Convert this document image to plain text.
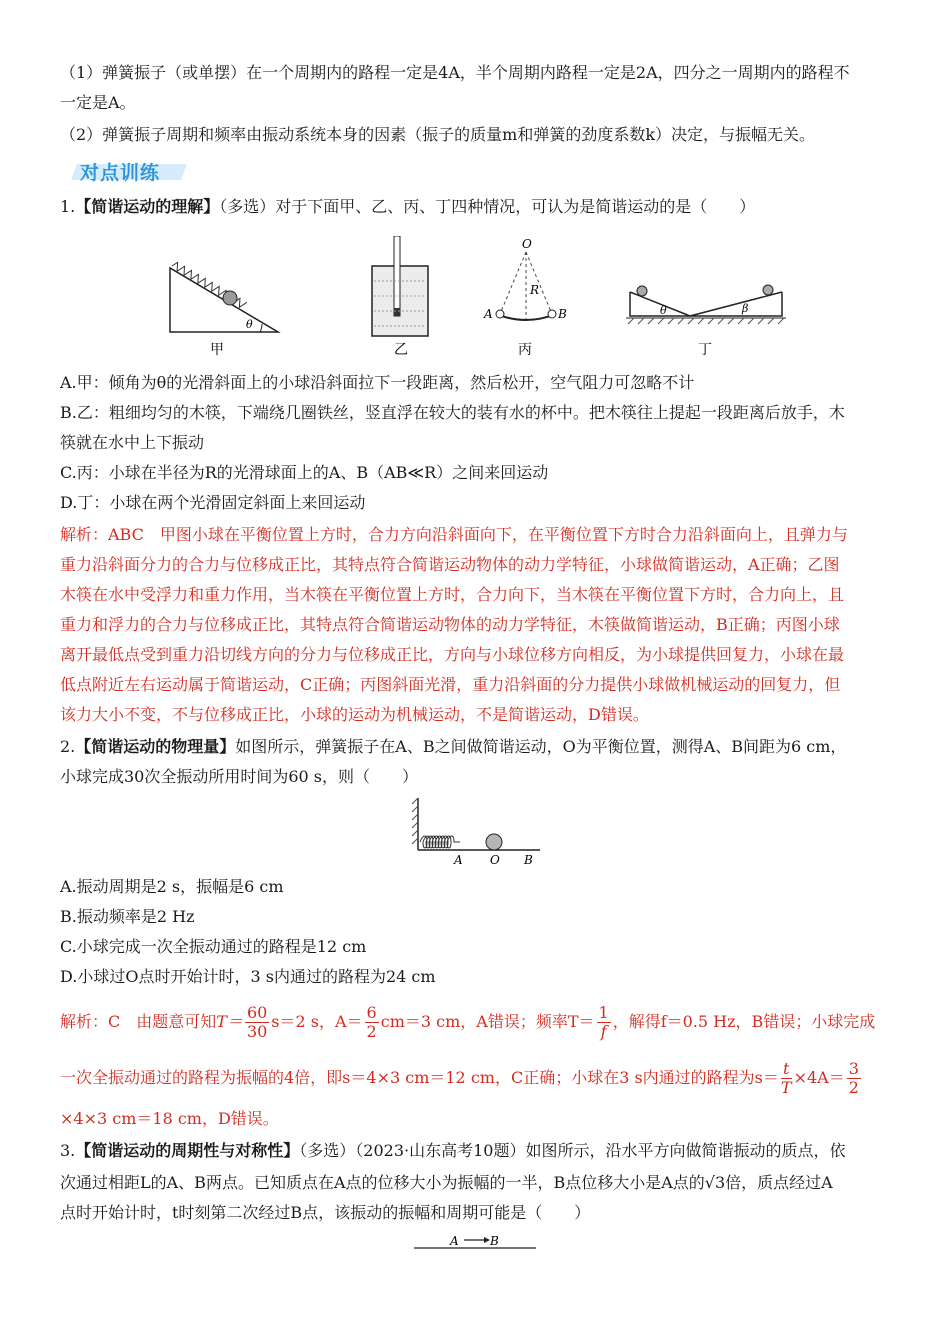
（1）弹簧振子（或单摆）在一个周期内的路程一定是4A，半个周期内路程一定是2A，四分之一周期内的路程不
一定是A。
（2）弹簧振子周期和频率由振动系统本身的因素（振子的质量m和弹簧的劲度系数k）决定，与振幅无关。
对点训练
1.【简谐运动的理解】（多选）对于下面甲、乙、丙、丁四种情况，可认为是简谐运动的是（　　）
θ
甲	乙
O
R
A	B
丙
θ	β
丁
A.甲：倾角为θ的光滑斜面上的小球沿斜面拉下一段距离，然后松开，空气阻力可忽略不计
B.乙：粗细均匀的木筷，下端绕几圈铁丝，竖直浮在较大的装有水的杯中。把木筷往上提起一段距离后放手，木
筷就在水中上下振动
C.丙：小球在半径为R的光滑球面上的A、B（AB≪R）之间来回运动
D.丁：小球在两个光滑固定斜面上来回运动
解析：ABC　甲图小球在平衡位置上方时，合力方向沿斜面向下，在平衡位置下方时合力沿斜面向上，且弹力与
重力沿斜面分力的合力与位移成正比，其特点符合简谐运动物体的动力学特征，小球做简谐运动，A正确；乙图
木筷在水中受浮力和重力作用，当木筷在平衡位置上方时，合力向下，当木筷在平衡位置下方时，合力向上，且
重力和浮力的合力与位移成正比，其特点符合简谐运动物体的动力学特征，木筷做简谐运动，B正确；丙图小球
离开最低点受到重力沿切线方向的分力与位移成正比，方向与小球位移方向相反，为小球提供回复力，小球在最
低点附近左右运动属于简谐运动，C正确；丙图斜面光滑，重力沿斜面的分力提供小球做机械运动的回复力，但
该力大小不变，不与位移成正比，小球的运动为机械运动，不是简谐运动，D错误。
2.【简谐运动的物理量】如图所示，弹簧振子在A、B之间做简谐运动，O为平衡位置，测得A、B间距为6 cm，
小球完成30次全振动所用时间为60 s，则（　　）
A O B
A.振动周期是2 s，振幅是6 cm
B.振动频率是2 Hz
C.小球完成一次全振动通过的路程是12 cm
D.小球过O点时开始计时，3 s内通过的路程为24 cm
解析：C　由题意可知$T= \frac{60}{30} s=2$ s，$A= \frac{6}{2} cm=3$ cm，A错误；频率$T= \frac{1}{f}$ ，解得f＝0.5 Hz，B错误；小球完成
一次全振动通过的路程为振幅的4倍，即s＝4×3 cm＝12 cm，C正确；小球在3 s内通过的路程为$s= \frac{t}{T} \times 4A= \frac{3}{2}$
×4×3 cm＝18 cm，D错误。
3.【简谐运动的周期性与对称性】（多选）（2023·山东高考10题）如图所示，沿水平方向做简谐振动的质点，依
次通过相距L的A、B两点。已知质点在A点的位移大小为振幅的一半，B点位移大小是A点的√3倍，质点经过A
点时开始计时，t时刻第二次经过B点，该振动的振幅和周期可能是（　　）
A	B
